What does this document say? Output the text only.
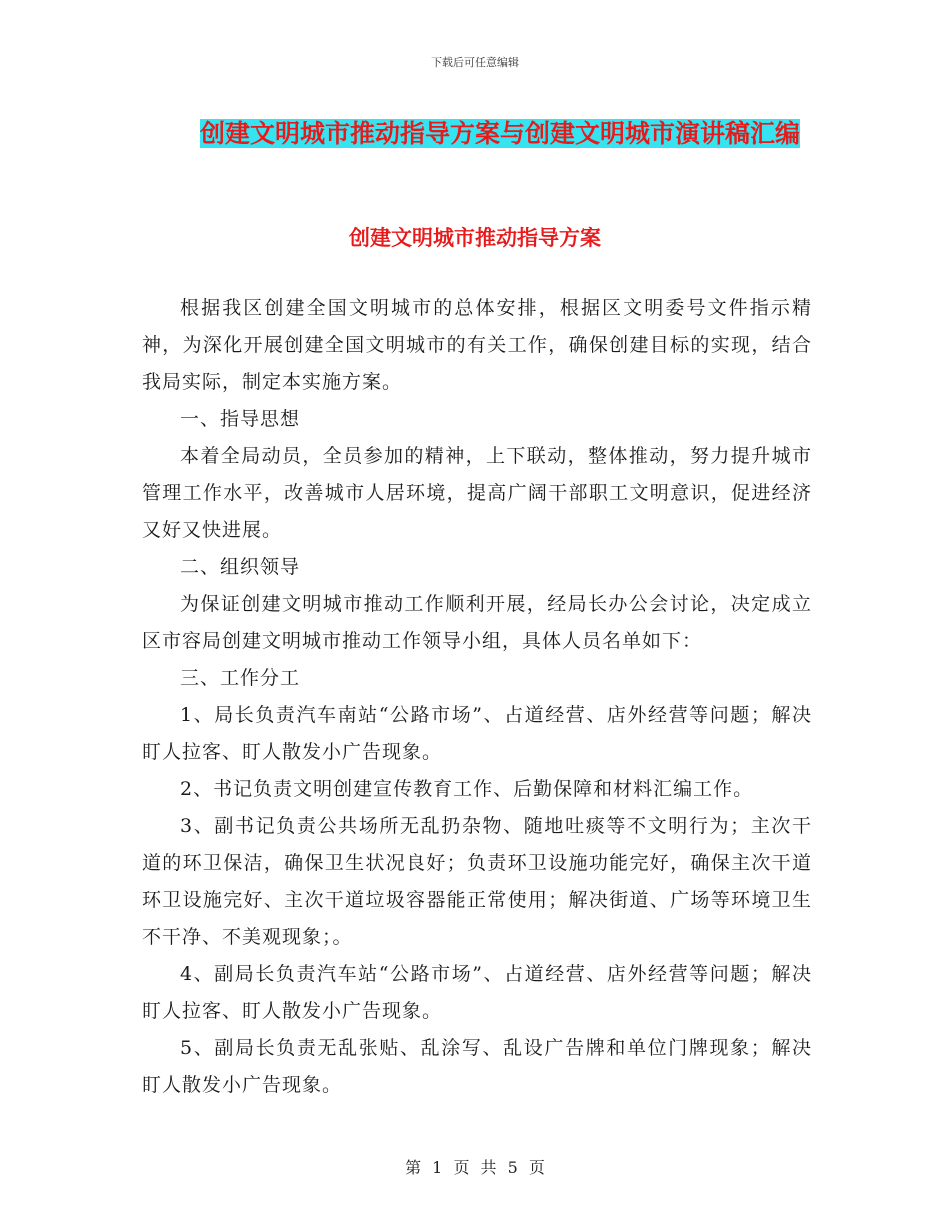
下载后可任意编辑
创建文明城市推动指导方案与创建文明城市演讲稿汇编
创建文明城市推动指导方案

根据我区创建全国文明城市的总体安排，根据区文明委号文件指示精神，为深化开展创建全国文明城市的有关工作，确保创建目标的实现，结合我局实际，制定本实施方案。

一、指导思想

本着全局动员，全员参加的精神，上下联动，整体推动，努力提升城市管理工作水平，改善城市人居环境，提高广阔干部职工文明意识，促进经济又好又快进展。

二、组织领导

为保证创建文明城市推动工作顺利开展，经局长办公会讨论，决定成立区市容局创建文明城市推动工作领导小组，具体人员名单如下：

三、工作分工

1、局长负责汽车南站“公路市场”、占道经营、店外经营等问题；解决盯人拉客、盯人散发小广告现象。

2、书记负责文明创建宣传教育工作、后勤保障和材料汇编工作。

3、副书记负责公共场所无乱扔杂物、随地吐痰等不文明行为；主次干道的环卫保洁，确保卫生状况良好；负责环卫设施功能完好，确保主次干道环卫设施完好、主次干道垃圾容器能正常使用；解决街道、广场等环境卫生不干净、不美观现象；。

4、副局长负责汽车站“公路市场”、占道经营、店外经营等问题；解决盯人拉客、盯人散发小广告现象。

5、副局长负责无乱张贴、乱涂写、乱设广告牌和单位门牌现象；解决盯人散发小广告现象。

第 1 页 共 5 页
